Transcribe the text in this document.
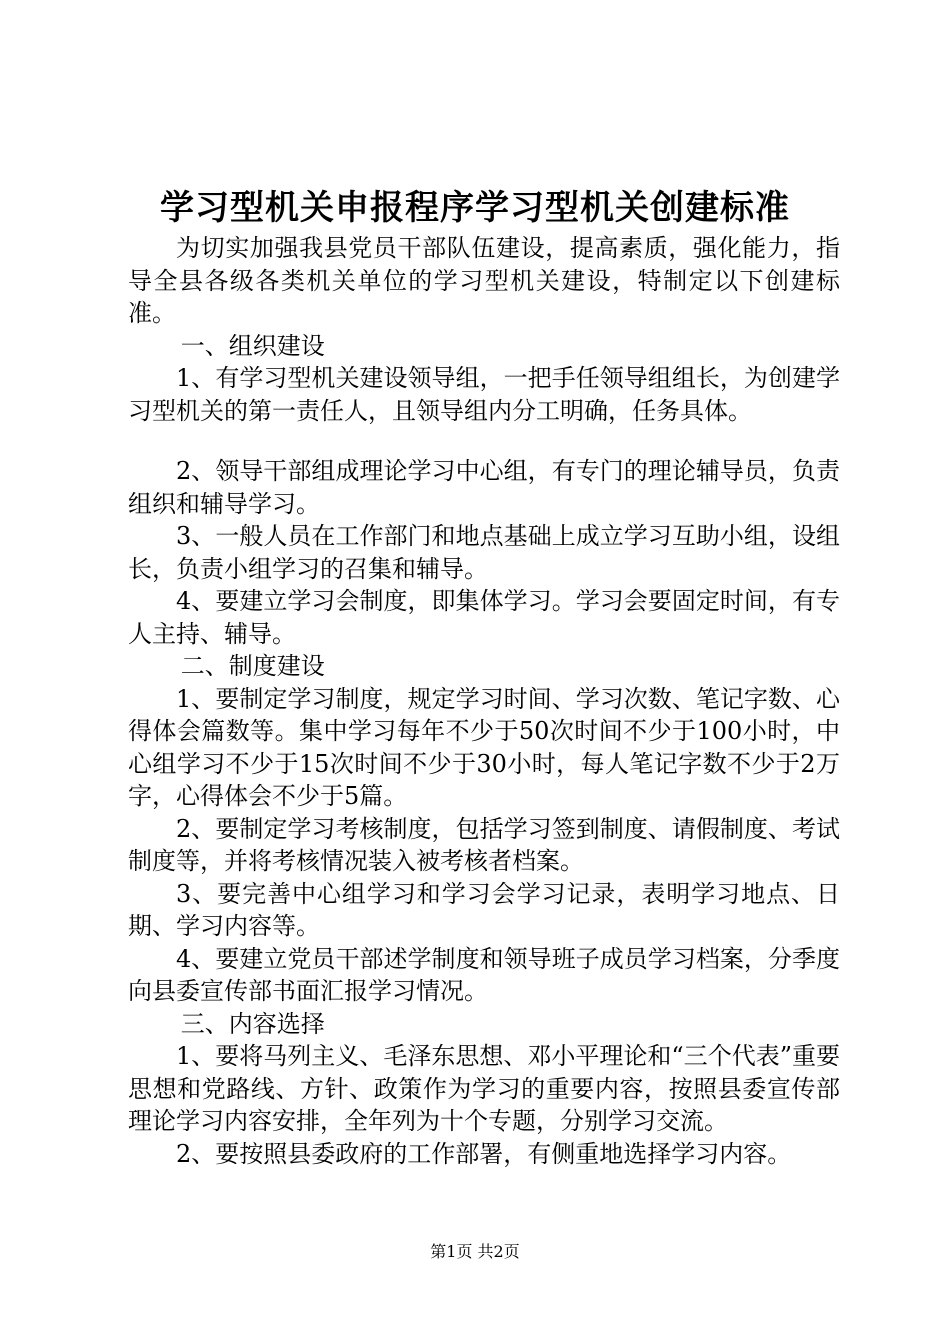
学习型机关申报程序学习型机关创建标准

为切实加强我县党员干部队伍建设，提高素质，强化能力，指导全县各级各类机关单位的学习型机关建设，特制定以下创建标准。

一、组织建设

1、有学习型机关建设领导组，一把手任领导组组长，为创建学习型机关的第一责任人，且领导组内分工明确，任务具体。

2、领导干部组成理论学习中心组，有专门的理论辅导员，负责组织和辅导学习。

3、一般人员在工作部门和地点基础上成立学习互助小组，设组长，负责小组学习的召集和辅导。

4、要建立学习会制度，即集体学习。学习会要固定时间，有专人主持、辅导。

二、制度建设

1、要制定学习制度，规定学习时间、学习次数、笔记字数、心得体会篇数等。集中学习每年不少于50次时间不少于100小时，中心组学习不少于15次时间不少于30小时，每人笔记字数不少于2万字，心得体会不少于5篇。

2、要制定学习考核制度，包括学习签到制度、请假制度、考试制度等，并将考核情况装入被考核者档案。

3、要完善中心组学习和学习会学习记录，表明学习地点、日期、学习内容等。

4、要建立党员干部述学制度和领导班子成员学习档案，分季度向县委宣传部书面汇报学习情况。

三、内容选择

1、要将马列主义、毛泽东思想、邓小平理论和“三个代表”重要思想和党路线、方针、政策作为学习的重要内容，按照县委宣传部理论学习内容安排，全年列为十个专题，分别学习交流。

2、要按照县委政府的工作部署，有侧重地选择学习内容。

第1页 共2页
